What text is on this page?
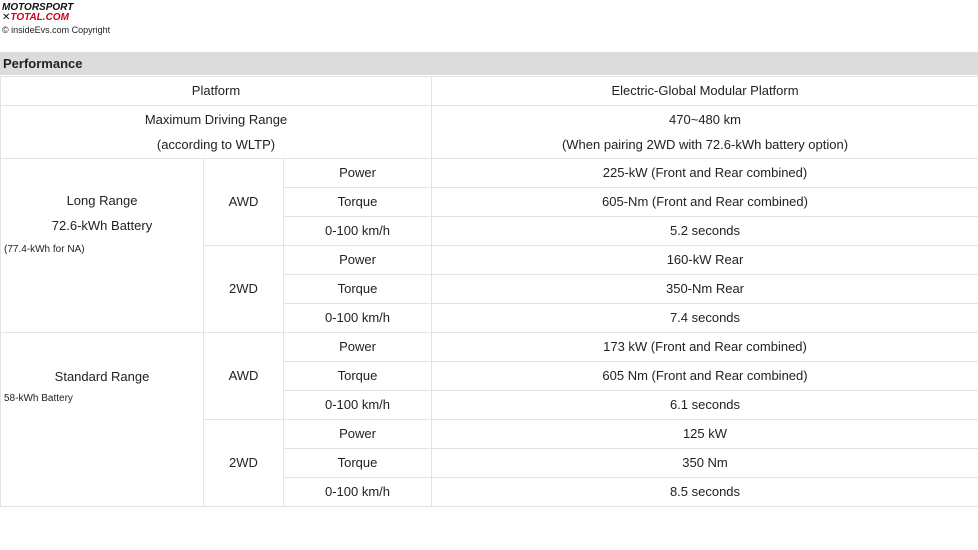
MOTORSPORT
✕TOTAL.COM
© insideEvs.com Copyright
Performance
Platform			Electric-Global Modular Platform

Maximum Driving Range
(according to WLTP)			470~480 km
(When pairing 2WD with 72.6-kWh battery option)

Long Range
72.6-kWh Battery
(77.4-kWh for NA)	AWD	Power	225-kW (Front and Rear combined)
		Torque	605-Nm (Front and Rear combined)
		0-100 km/h	5.2 seconds
	2WD	Power	160-kW Rear
		Torque	350-Nm Rear
		0-100 km/h	7.4 seconds

Standard Range
58-kWh Battery	AWD	Power	173 kW (Front and Rear combined)
		Torque	605 Nm (Front and Rear combined)
		0-100 km/h	6.1 seconds
	2WD	Power	125 kW
		Torque	350 Nm
		0-100 km/h	8.5 seconds
